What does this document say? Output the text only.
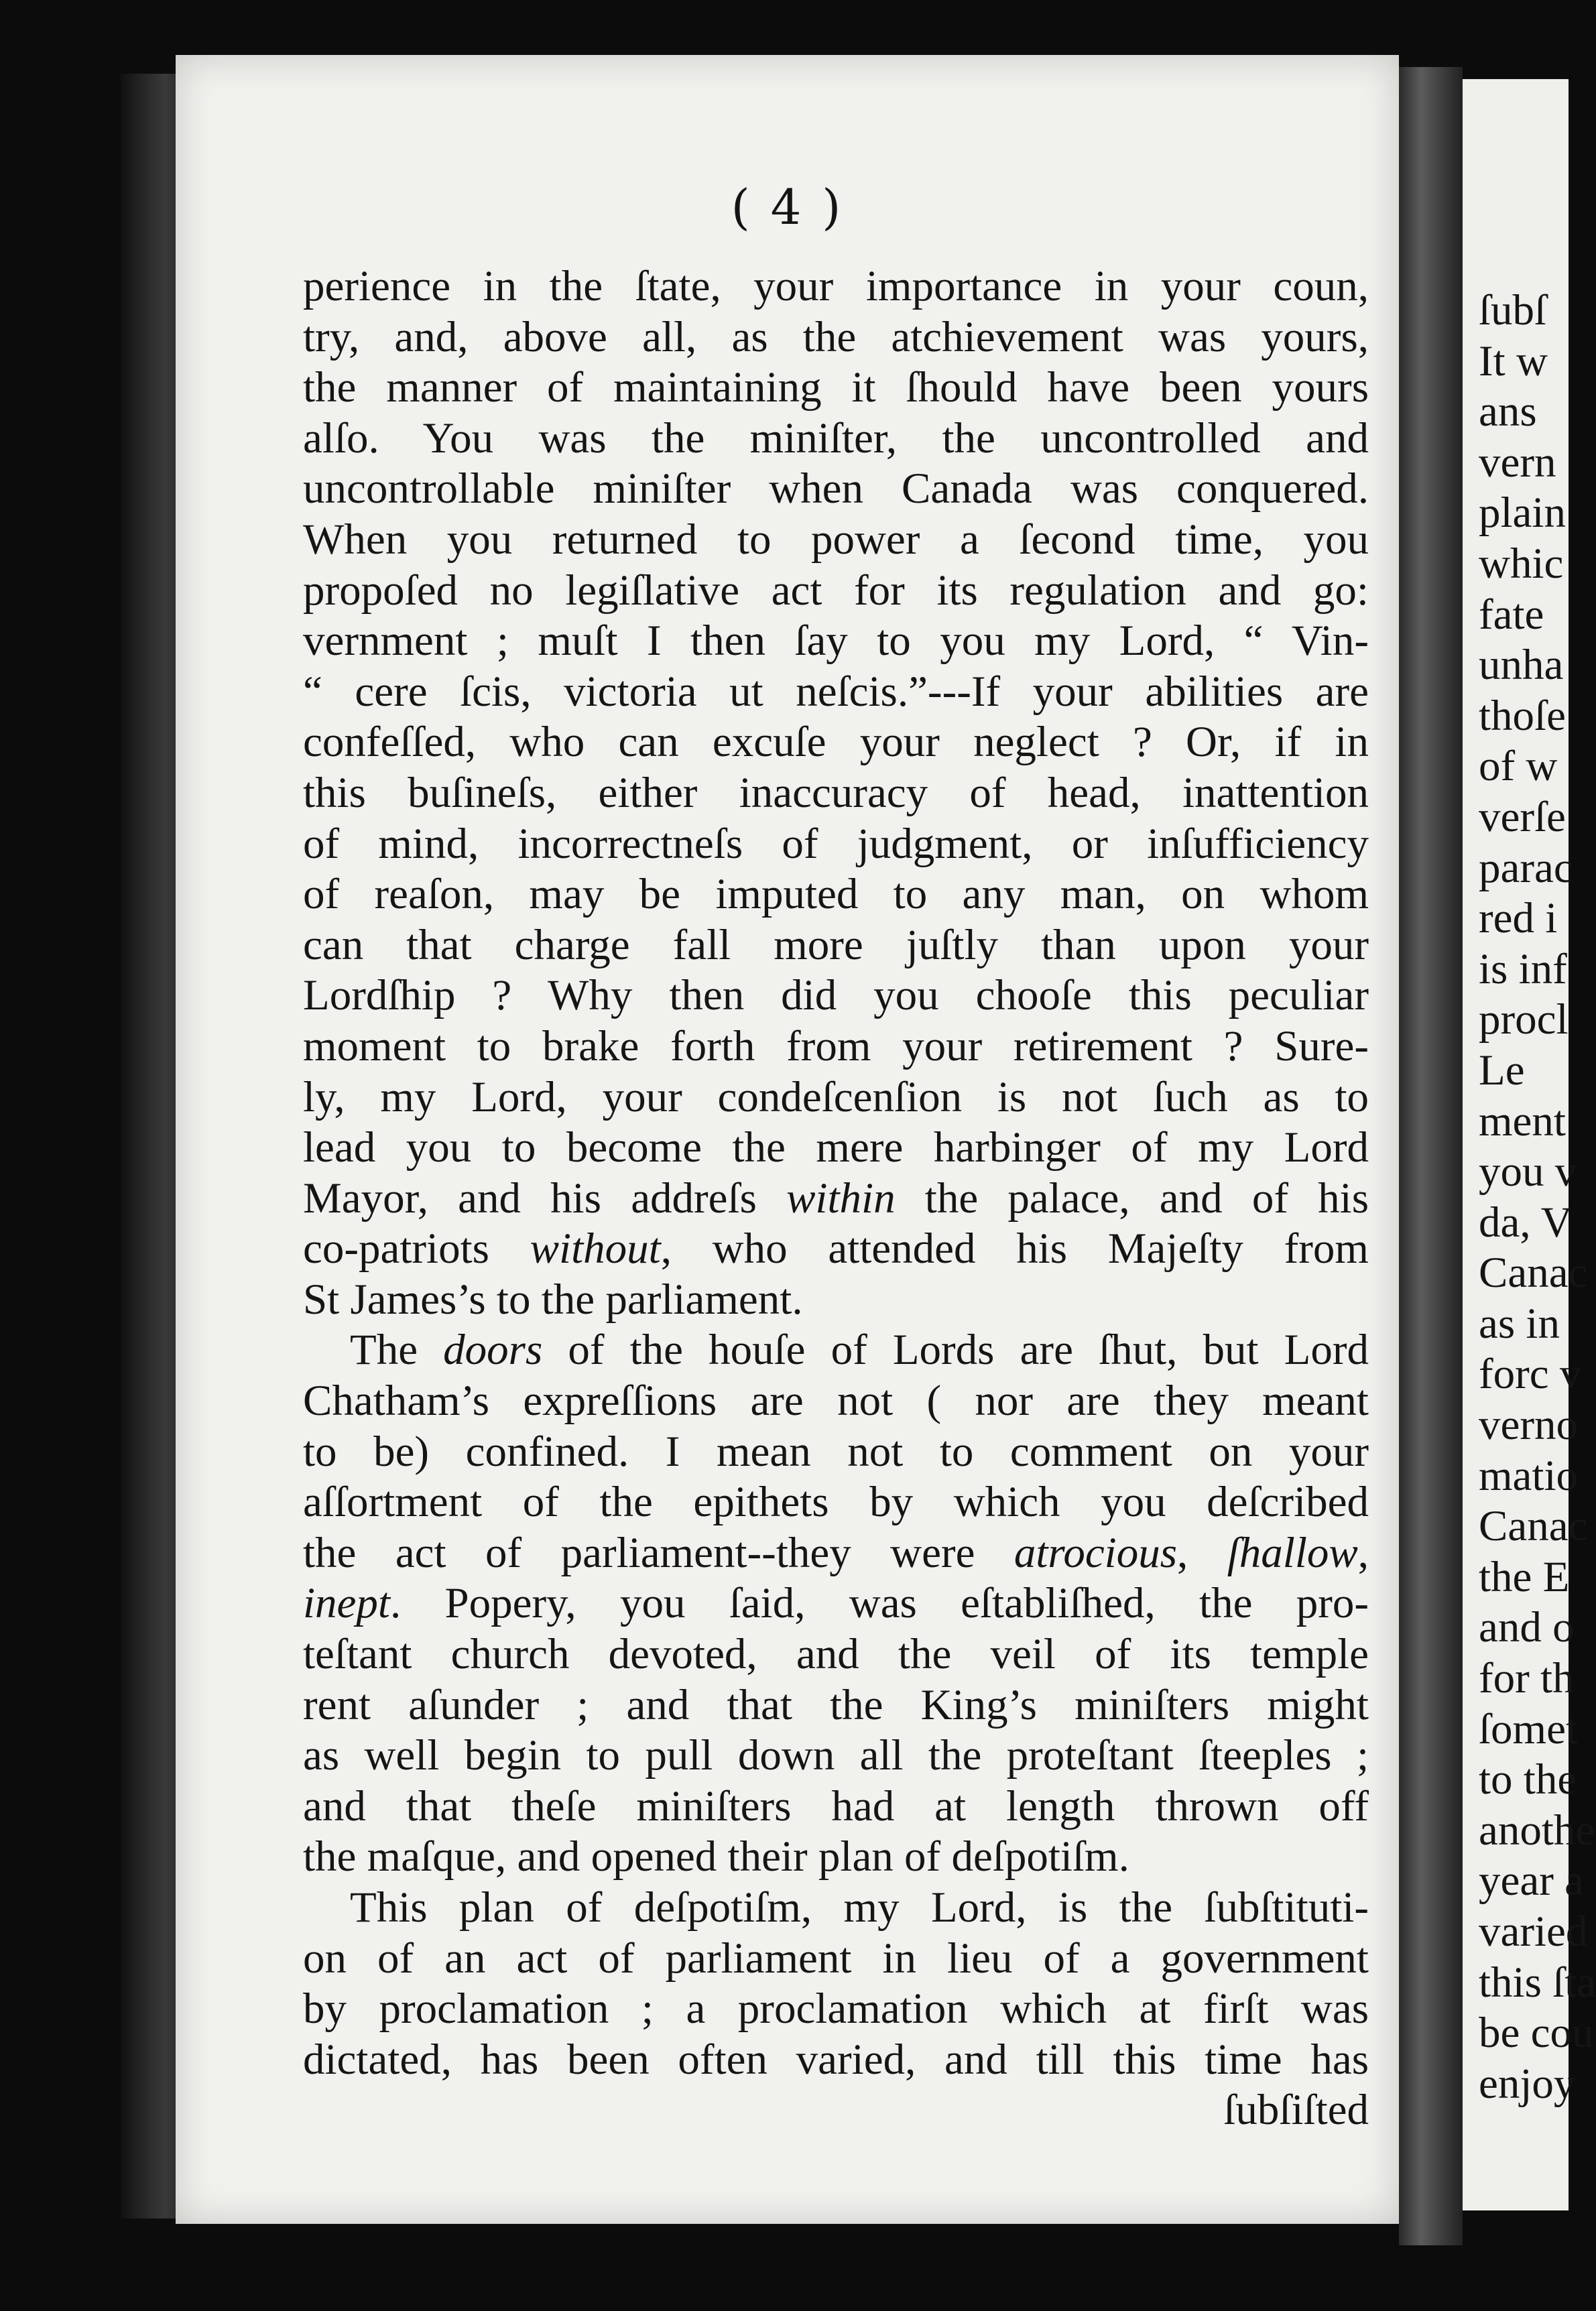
( 4 )
perience in the ſtate, your importance in your coun,
try, and, above all, as the atchievement was yours,
the manner of maintaining it ſhould have been yours
alſo. You was the miniſter, the uncontrolled and
uncontrollable miniſter when Canada was conquered.
When you returned to power a ſecond time, you
propoſed no legiſlative act for its regulation and go:
vernment ; muſt I then ſay to you my Lord, “ Vin-
“ cere ſcis, victoria ut neſcis.”---If your abilities are
confeſſed, who can excuſe your neglect ? Or, if in
this buſineſs, either inaccuracy of head, inattention
of mind, incorrectneſs of judgment, or inſufficiency
of reaſon, may be imputed to any man, on whom
can that charge fall more juſtly than upon your
Lordſhip ? Why then did you chooſe this peculiar
moment to brake forth from your retirement ? Sure-
ly, my Lord, your condeſcenſion is not ſuch as to
lead you to become the mere harbinger of my Lord
Mayor, and his addreſs within the palace, and of his
co-patriots without, who attended his Majeſty from
St James’s to the parliament.
The doors of the houſe of Lords are ſhut, but Lord
Chatham’s expreſſions are not ( nor are they meant
to be) confined. I mean not to comment on your
aſſortment of the epithets by which you deſcribed
the act of parliament--they were atrocious, ſhallow,
inept. Popery, you ſaid, was eſtabliſhed, the pro-
teſtant church devoted, and the veil of its temple
rent aſunder ; and that the King’s miniſters might
as well begin to pull down all the proteſtant ſteeples ;
and that theſe miniſters had at length thrown off
the maſque, and opened their plan of deſpotiſm.
This plan of deſpotiſm, my Lord, is the ſubſtituti-
on of an act of parliament in lieu of a government
by proclamation ; a proclamation which at firſt was
dictated, has been often varied, and till this time has
ſubſiſted
ſubſ
It w
ans
vern
plain
whic
fate
unha
thoſe
of w
verſe
parac
red i
is inf
procl
Le
ment
you v
da, V
Canac
as in
forc v
verno
matio
Canac
the E
and o
for th
ſomet
to the
anothe
year a
varied
this ſta
be cou
enjoy
